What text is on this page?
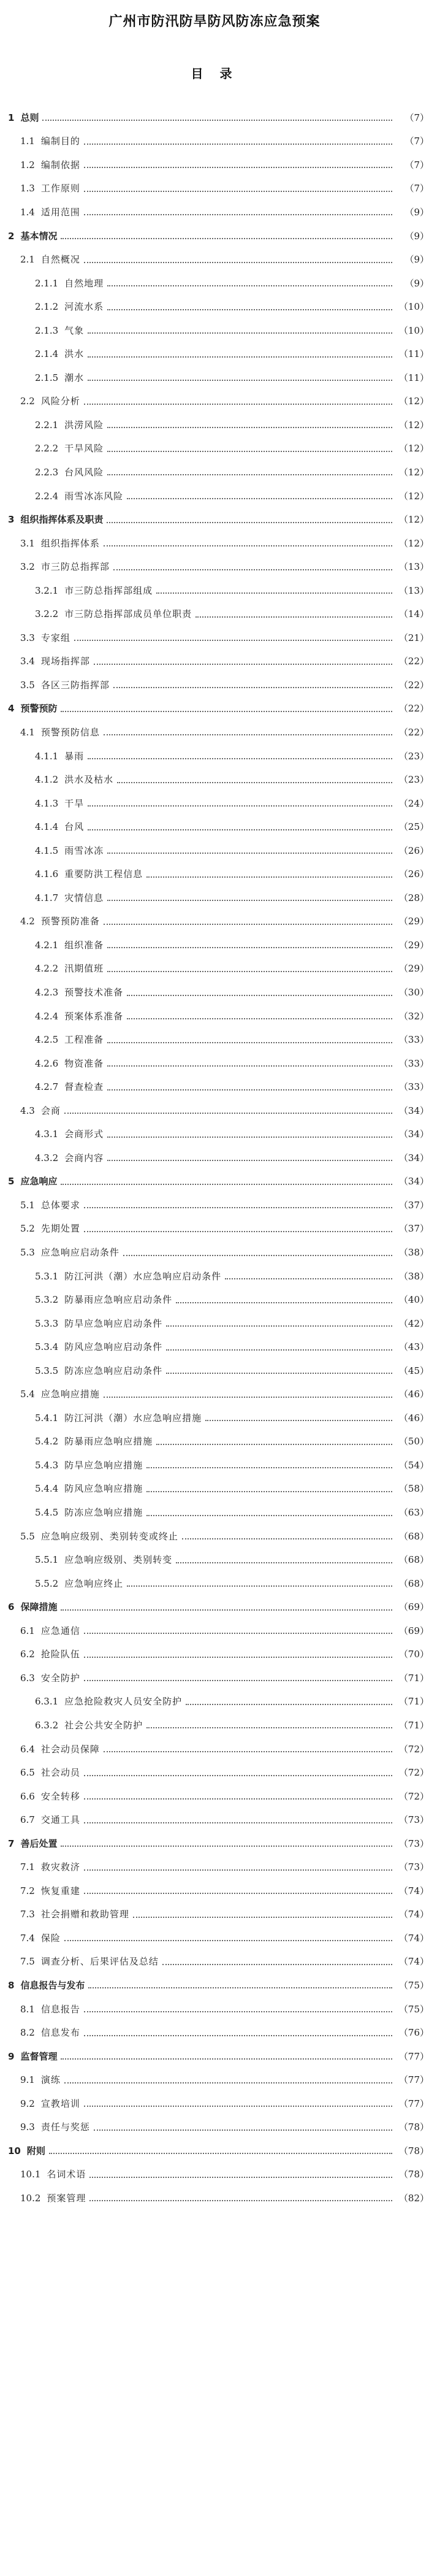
广州市防汛防旱防风防冻应急预案
目 录
1 总则	（7）
1.1 编制目的	（7）
1.2 编制依据	（7）
1.3 工作原则	（7）
1.4 适用范围	（9）
2 基本情况	（9）
2.1 自然概况	（9）
2.1.1 自然地理	（9）
2.1.2 河流水系	（10）
2.1.3 气象	（10）
2.1.4 洪水	（11）
2.1.5 潮水	（11）
2.2 风险分析	（12）
2.2.1 洪涝风险	（12）
2.2.2 干旱风险	（12）
2.2.3 台风风险	（12）
2.2.4 雨雪冰冻风险	（12）
3 组织指挥体系及职责	（12）
3.1 组织指挥体系	（12）
3.2 市三防总指挥部	（13）
3.2.1 市三防总指挥部组成	（13）
3.2.2 市三防总指挥部成员单位职责	（14）
3.3 专家组	（21）
3.4 现场指挥部	（22）
3.5 各区三防指挥部	（22）
4 预警预防	（22）
4.1 预警预防信息	（22）
4.1.1 暴雨	（23）
4.1.2 洪水及枯水	（23）
4.1.3 干旱	（24）
4.1.4 台风	（25）
4.1.5 雨雪冰冻	（26）
4.1.6 重要防洪工程信息	（26）
4.1.7 灾情信息	（28）
4.2 预警预防准备	（29）
4.2.1 组织准备	（29）
4.2.2 汛期值班	（29）
4.2.3 预警技术准备	（30）
4.2.4 预案体系准备	（32）
4.2.5 工程准备	（33）
4.2.6 物资准备	（33）
4.2.7 督查检查	（33）
4.3 会商	（34）
4.3.1 会商形式	（34）
4.3.2 会商内容	（34）
5 应急响应	（34）
5.1 总体要求	（37）
5.2 先期处置	（37）
5.3 应急响应启动条件	（38）
5.3.1 防江河洪（潮）水应急响应启动条件	（38）
5.3.2 防暴雨应急响应启动条件	（40）
5.3.3 防旱应急响应启动条件	（42）
5.3.4 防风应急响应启动条件	（43）
5.3.5 防冻应急响应启动条件	（45）
5.4 应急响应措施	（46）
5.4.1 防江河洪（潮）水应急响应措施	（46）
5.4.2 防暴雨应急响应措施	（50）
5.4.3 防旱应急响应措施	（54）
5.4.4 防风应急响应措施	（58）
5.4.5 防冻应急响应措施	（63）
5.5 应急响应级别、类别转变或终止	（68）
5.5.1 应急响应级别、类别转变	（68）
5.5.2 应急响应终止	（68）
6 保障措施	（69）
6.1 应急通信	（69）
6.2 抢险队伍	（70）
6.3 安全防护	（71）
6.3.1 应急抢险救灾人员安全防护	（71）
6.3.2 社会公共安全防护	（71）
6.4 社会动员保障	（72）
6.5 社会动员	（72）
6.6 安全转移	（72）
6.7 交通工具	（73）
7 善后处置	（73）
7.1 救灾救济	（73）
7.2 恢复重建	（74）
7.3 社会捐赠和救助管理	（74）
7.4 保险	（74）
7.5 调查分析、后果评估及总结	（74）
8 信息报告与发布	（75）
8.1 信息报告	（75）
8.2 信息发布	（76）
9 监督管理	（77）
9.1 演练	（77）
9.2 宣教培训	（77）
9.3 责任与奖惩	（78）
10 附则	（78）
10.1 名词术语	（78）
10.2 预案管理	（82）
